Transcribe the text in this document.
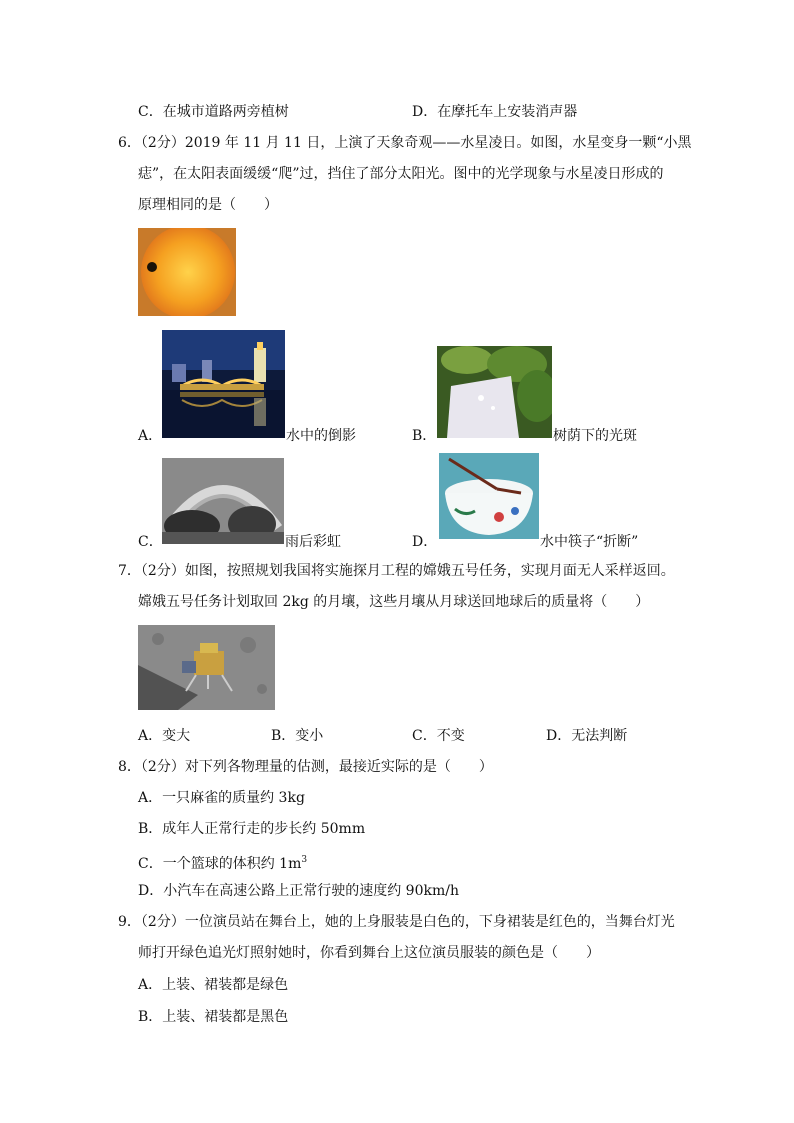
C．在城市道路两旁植树	D．在摩托车上安装消声器
6．（2分）2019 年 11 月 11 日，上演了天象奇观——水星凌日。如图，水星变身一颗“小黑
痣”，在太阳表面缓缓“爬”过，挡住了部分太阳光。图中的光学现象与水星凌日形成的
原理相同的是（　　）
A．	水中的倒影	B．	树荫下的光斑
C．	雨后彩虹	D．	水中筷子“折断”
7．（2分）如图，按照规划我国将实施探月工程的嫦娥五号任务，实现月面无人采样返回。
嫦娥五号任务计划取回 2kg 的月壤，这些月壤从月球送回地球后的质量将（　　）
A．变大	B．变小	C．不变	D．无法判断
8．（2分）对下列各物理量的估测，最接近实际的是（　　）
A．一只麻雀的质量约 3kg
B．成年人正常行走的步长约 50mm
C．一个篮球的体积约 $1m^3$
D．小汽车在高速公路上正常行驶的速度约 90km/h
9．（2分）一位演员站在舞台上，她的上身服装是白色的，下身裙装是红色的，当舞台灯光
师打开绿色追光灯照射她时，你看到舞台上这位演员服装的颜色是（　　）
A．上装、裙装都是绿色
B．上装、裙装都是黑色
